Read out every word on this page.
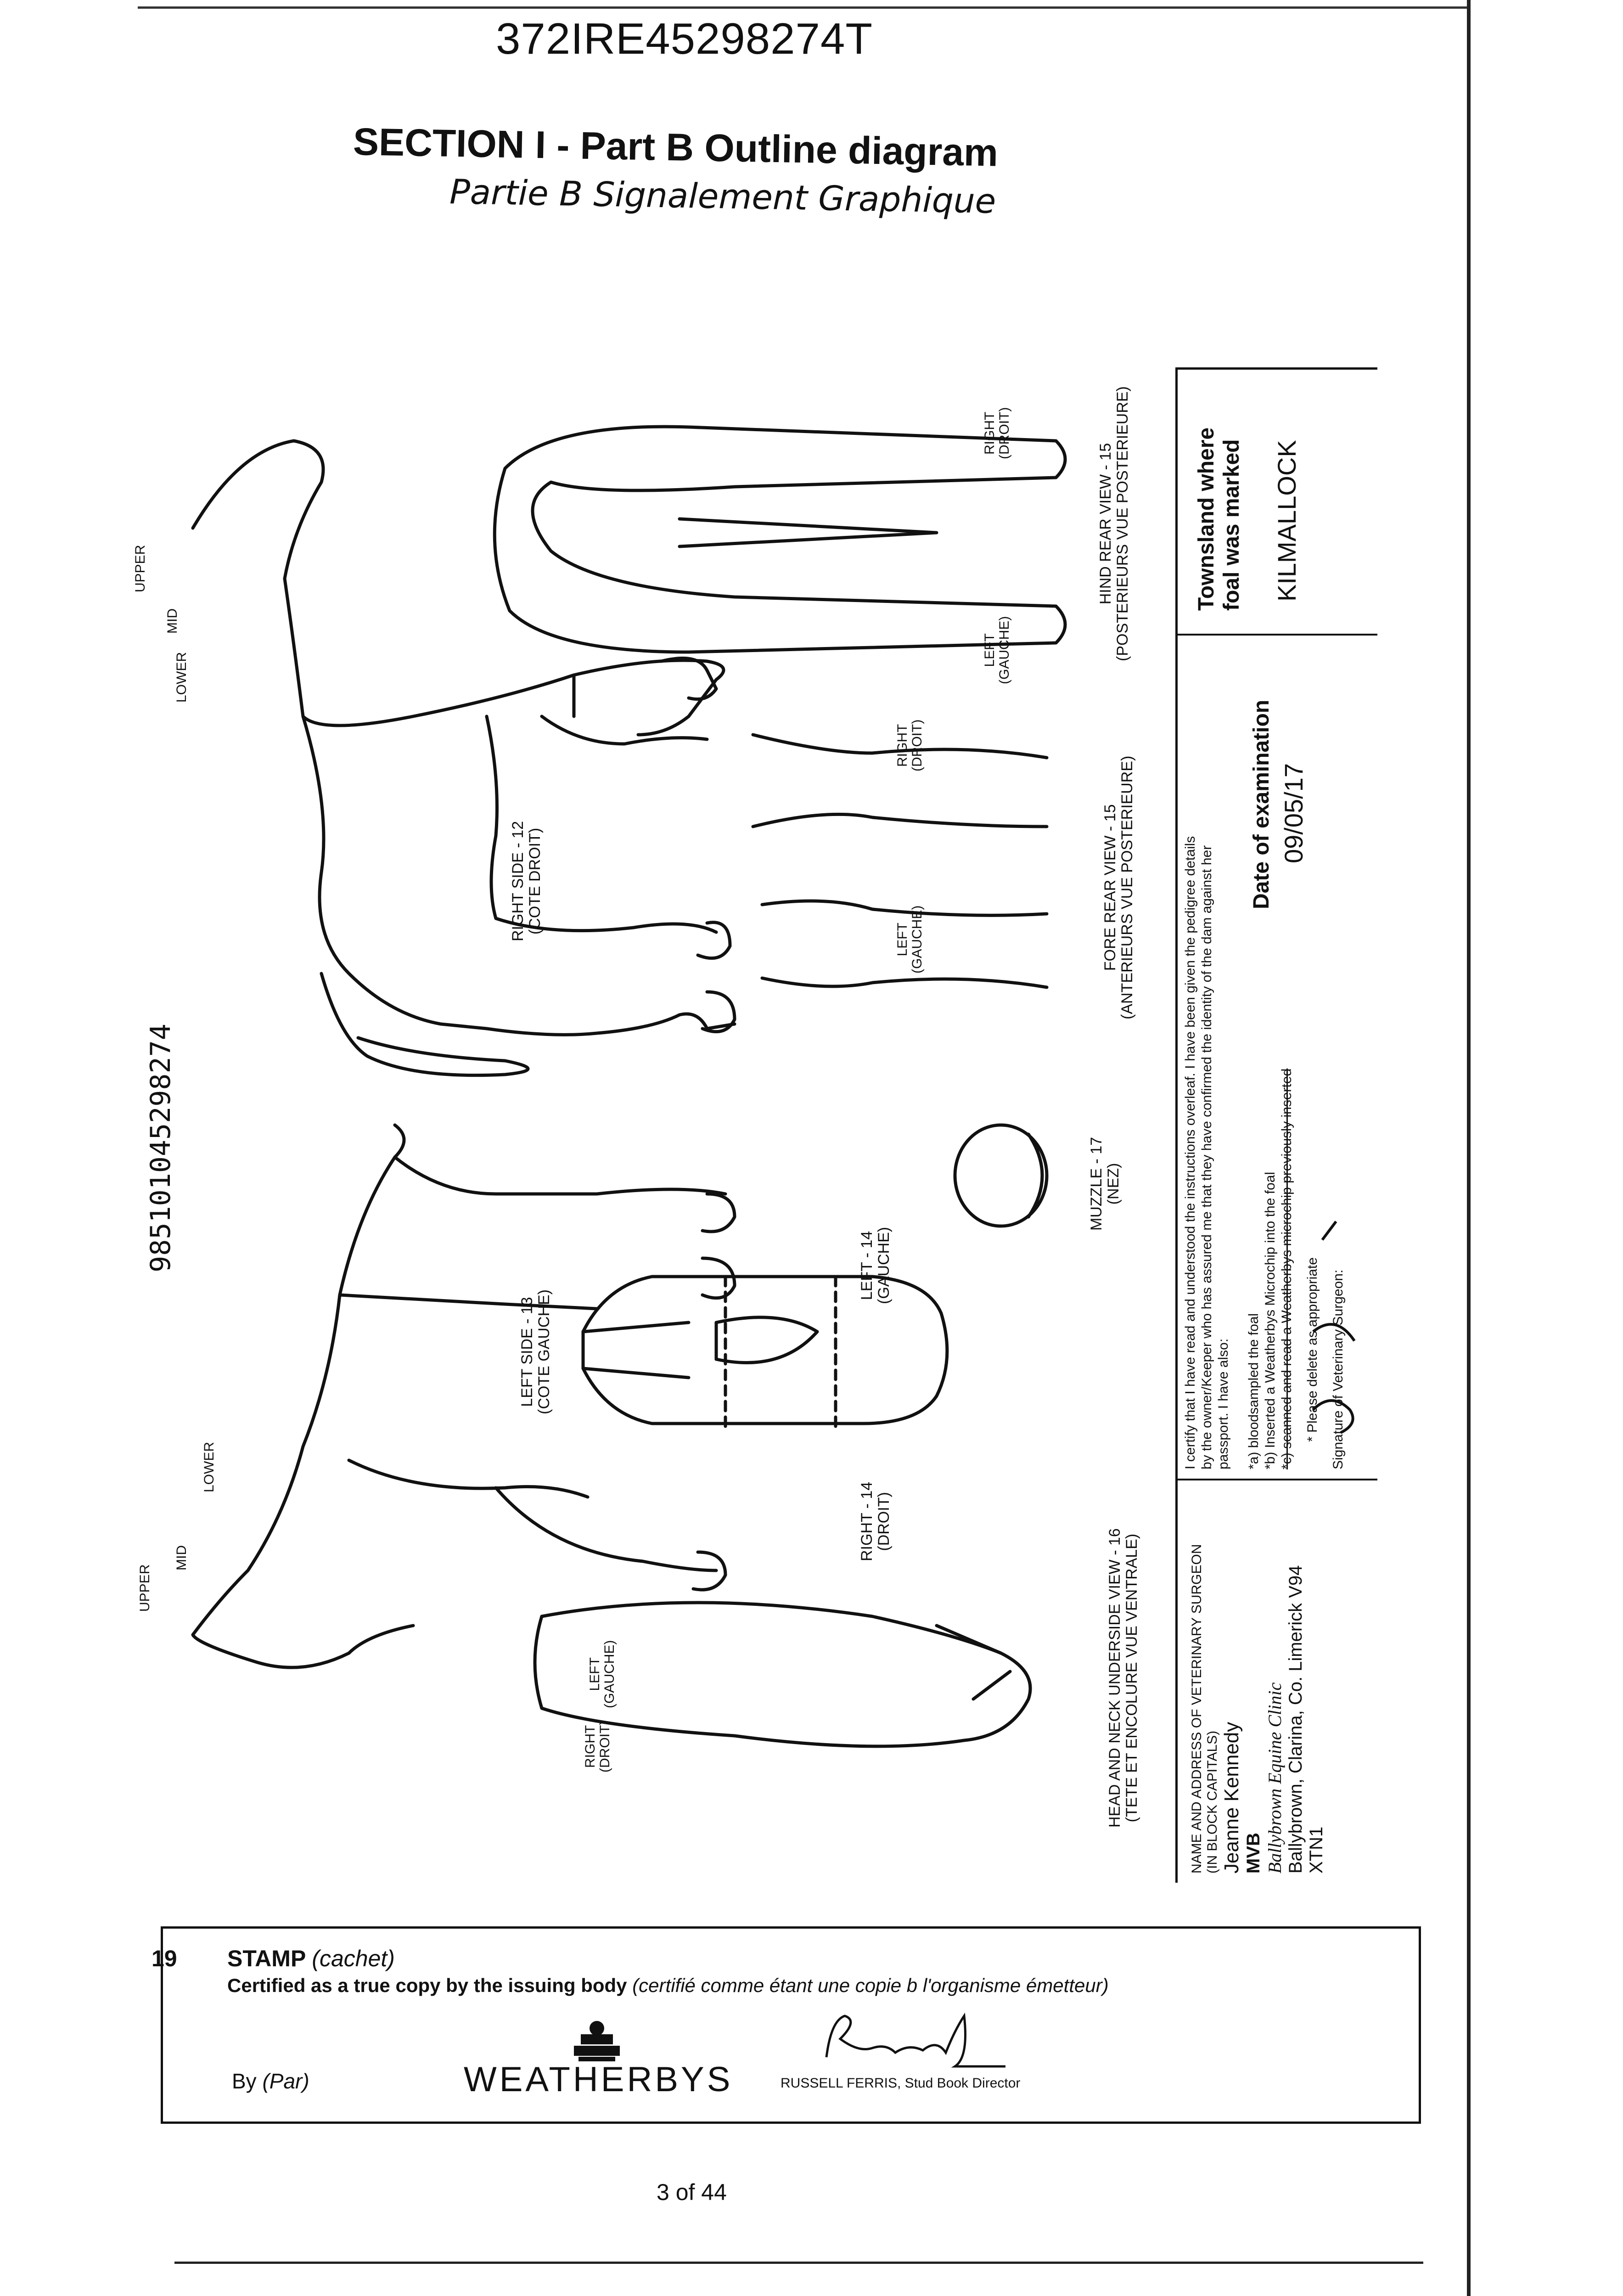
372IRE45298274T
SECTION I - Part B Outline diagram
Partie B Signalement Graphique
985101045298274
UPPER
MID
LOWER
UPPER
MID
LOWER
RIGHT SIDE - 12 (COTE DROIT)
LEFT SIDE - 13 (COTE GAUCHE)
LEFT - 14 (GAUCHE)
RIGHT - 14 (DROIT)
MUZZLE - 17 (NEZ)
HEAD AND NECK UNDERSIDE VIEW - 16 (TETE ET ENCOLURE VUE VENTRALE)
FORE REAR VIEW - 15 (ANTERIEURS VUE POSTERIEURE)
HIND REAR VIEW - 15 (POSTERIEURS VUE POSTERIEURE)
LEFT
(GAUCHE)
RIGHT
(DROIT)
LEFT
(GAUCHE)
RIGHT
(DROIT)
LEFT
(GAUCHE)
RIGHT
(DROIT)
I certify that I have read and understood the instructions overleaf. I have been given the pedigree details by the owner/Keeper who has assured me that they have confirmed the identity of the dam against her passport. I have also: *a) bloodsampled the foal *b) Inserted a Weatherbys Microchip into the foal *c) scanned and read a Weatherbys microchip previously inserted * Please delete as appropriate Signature of Veterinary Surgeon:
NAME AND ADDRESS OF VETERINARY SURGEON (IN BLOCK CAPITALS) Jeanne Kennedy MVB Ballybrown Equine Clinic Ballybrown, Clarina, Co. Limerick V94 XTN1
Date of examination 09/05/17
Townsland where foal was marked KILMALLOCK
19 STAMP (cachet)
Certified as a true copy by the issuing body (certifié comme étant une copie b l'organisme émetteur)
By (Par)	WEATHERBYS	RUSSELL FERRIS, Stud Book Director
3 of 44
